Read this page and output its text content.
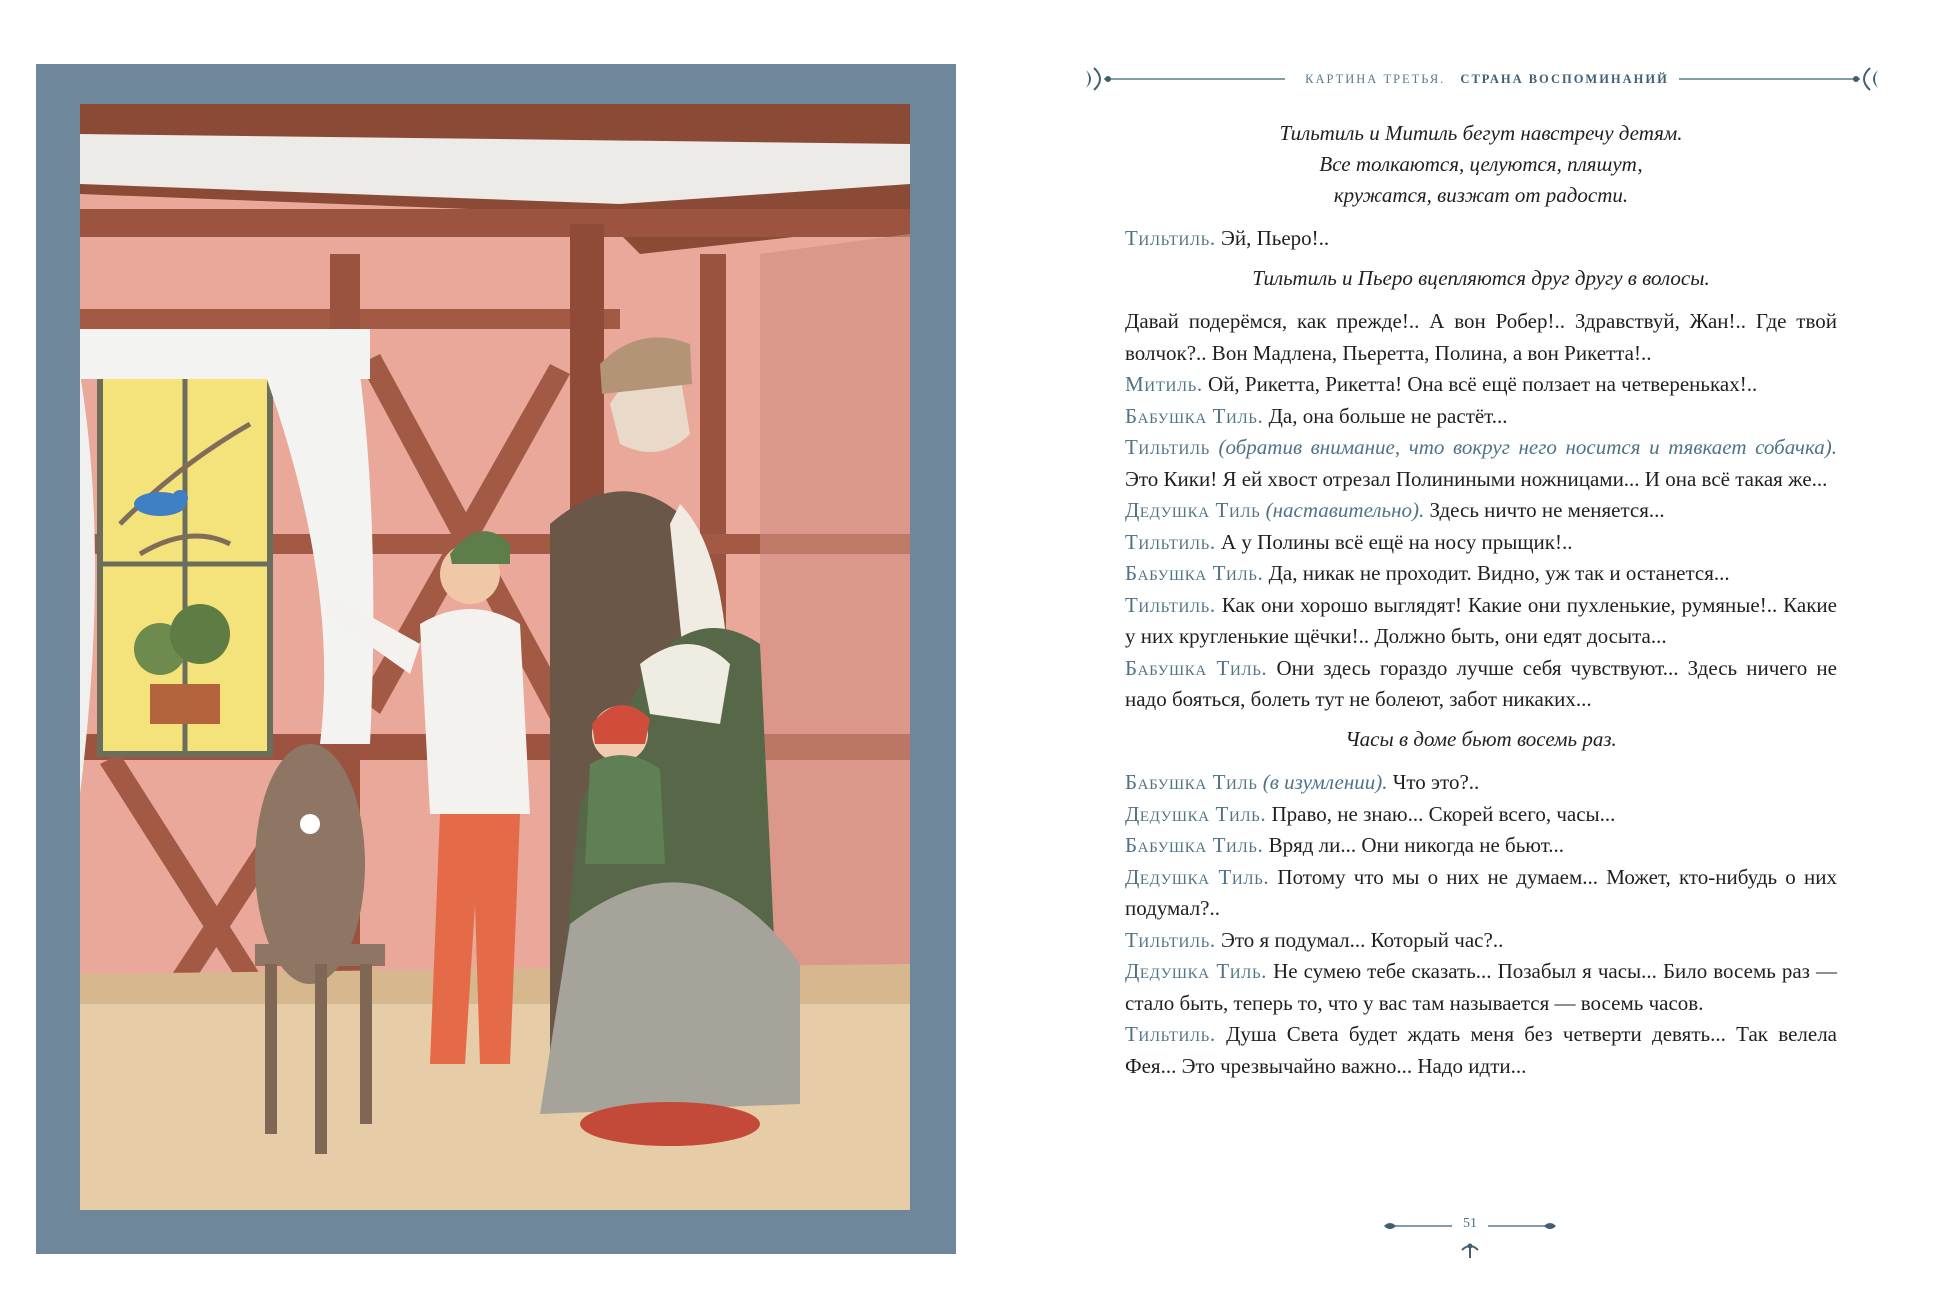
КАРТИНА ТРЕТЬЯ. СТРАНА ВОСПОМИНАНИЙ
Тильтиль и Митиль бегут навстречу детям.
Все толкаются, целуются, пляшут,
кружатся, визжат от радости.

Тильтиль. Эй, Пьеро!..

Тильтиль и Пьеро вцепляются друг другу в волосы.

Давай подерёмся, как прежде!.. А вон Робер!.. Здравствуй, Жан!.. Где твой волчок?.. Вон Мадлена, Пьеретта, Полина, а вон Рикетта!..

Митиль. Ой, Рикетта, Рикетта! Она всё ещё ползает на четвереньках!..

Бабушка Тиль. Да, она больше не растёт...

Тильтиль (обратив внимание, что вокруг него носится и тявкает собачка). Это Кики! Я ей хвост отрезал Полиниными ножницами... И она всё такая же...

Дедушка Тиль (наставительно). Здесь ничто не меняется...

Тильтиль. А у Полины всё ещё на носу прыщик!..

Бабушка Тиль. Да, никак не проходит. Видно, уж так и останется...

Тильтиль. Как они хорошо выглядят! Какие они пухленькие, румяные!.. Какие у них кругленькие щёчки!.. Должно быть, они едят досыта...

Бабушка Тиль. Они здесь гораздо лучше себя чувствуют... Здесь ничего не надо бояться, болеть тут не болеют, забот никаких...

Часы в доме бьют восемь раз.

Бабушка Тиль (в изумлении). Что это?..

Дедушка Тиль. Право, не знаю... Скорей всего, часы...

Бабушка Тиль. Вряд ли... Они никогда не бьют...

Дедушка Тиль. Потому что мы о них не думаем... Может, кто-нибудь о них подумал?..

Тильтиль. Это я подумал... Который час?..

Дедушка Тиль. Не сумею тебе сказать... Позабыл я часы... Било восемь раз — стало быть, теперь то, что у вас там называется — восемь часов.

Тильтиль. Душа Света будет ждать меня без четверти девять... Так велела Фея... Это чрезвычайно важно... Надо идти...

51
